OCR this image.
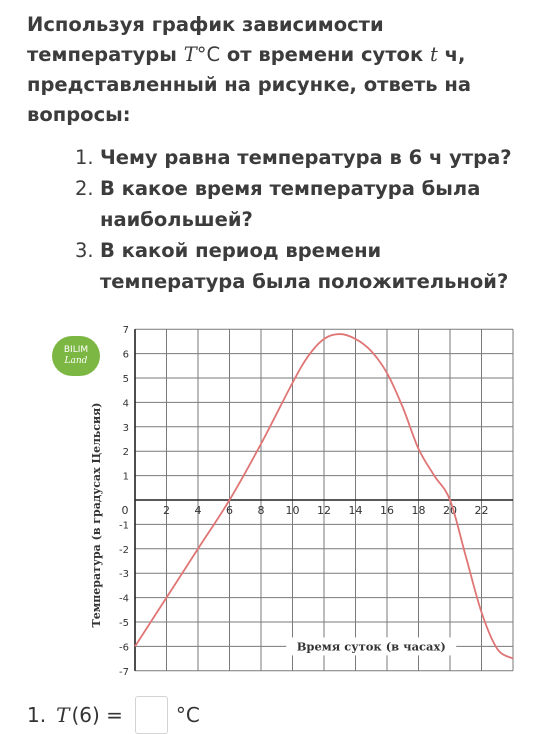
Используя график зависимости
температуры T°C от времени суток t ч,
представленный на рисунке, ответь на
вопросы:
1. Чему равна температура в 6 ч утра?
2. В какое время температура была наибольшей?
3. В какой период времени температура была положительной?
1
2
3
4
5
6
7
-1
-2
-3
-4
-5
-6
-7
0	2 4 6 8 10 12 14 16 18 20 22
Температура (в градусах Цельсия)
Время суток (в часах)
BILIM
Land
1. T (6) =	°C
